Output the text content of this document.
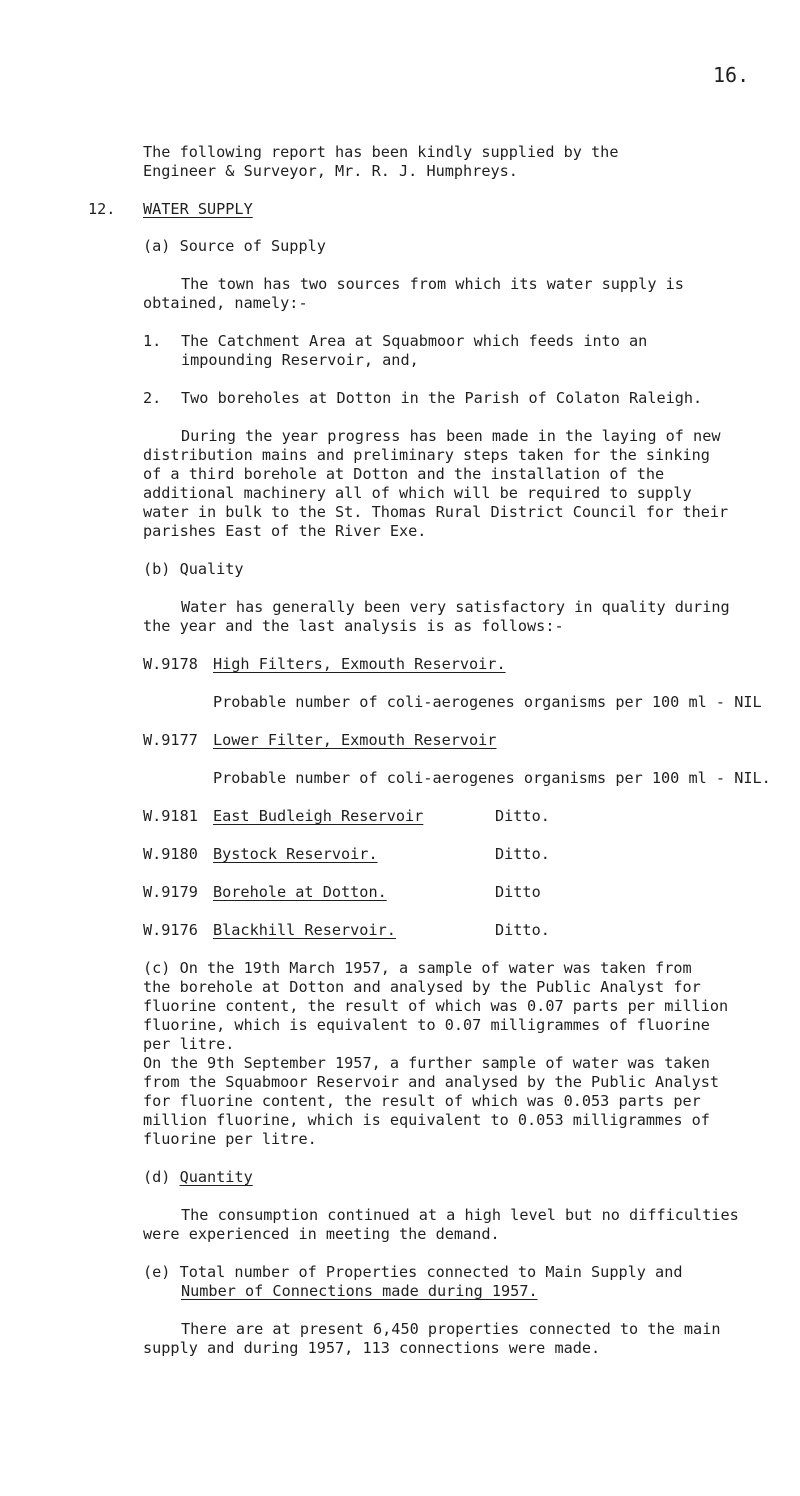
16.
The following report has been kindly supplied by the
Engineer & Surveyor, Mr. R. J. Humphreys.
12. WATER SUPPLY
(a) Source of Supply
The town has two sources from which its water supply is
obtained, namely:-
1. The Catchment Area at Squabmoor which feeds into an
impounding Reservoir, and,
2. Two boreholes at Dotton in the Parish of Colaton Raleigh.
During the year progress has been made in the laying of new
distribution mains and preliminary steps taken for the sinking
of a third borehole at Dotton and the installation of the
additional machinery all of which will be required to supply
water in bulk to the St. Thomas Rural District Council for their
parishes East of the River Exe.
(b) Quality
Water has generally been very satisfactory in quality during
the year and the last analysis is as follows:-
W.9178 High Filters, Exmouth Reservoir.
Probable number of coli-aerogenes organisms per 100 ml - NIL
W.9177 Lower Filter, Exmouth Reservoir
Probable number of coli-aerogenes organisms per 100 ml - NIL.
W.9181 East Budleigh Reservoir	Ditto.
W.9180 Bystock Reservoir.	Ditto.
W.9179 Borehole at Dotton.	Ditto
W.9176 Blackhill Reservoir.	Ditto.
(c) On the 19th March 1957, a sample of water was taken from
the borehole at Dotton and analysed by the Public Analyst for
fluorine content, the result of which was 0.07 parts per million
fluorine, which is equivalent to 0.07 milligrammes of fluorine
per litre.
On the 9th September 1957, a further sample of water was taken
from the Squabmoor Reservoir and analysed by the Public Analyst
for fluorine content, the result of which was 0.053 parts per
million fluorine, which is equivalent to 0.053 milligrammes of
fluorine per litre.
(d) Quantity
The consumption continued at a high level but no difficulties
were experienced in meeting the demand.
(e) Total number of Properties connected to Main Supply and
Number of Connections made during 1957.
There are at present 6,450 properties connected to the main
supply and during 1957, 113 connections were made.
